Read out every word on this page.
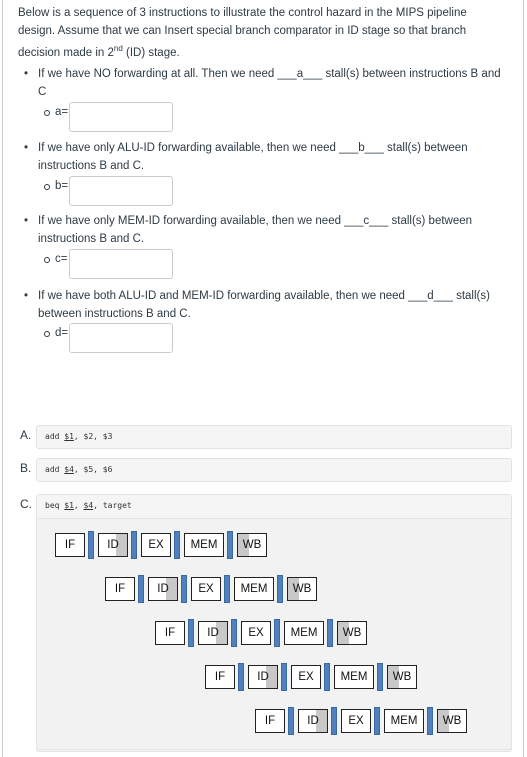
Below is a sequence of 3 instructions to illustrate the control hazard in the MIPS pipeline
design. Assume that we can Insert special branch comparator in ID stage so that branch
decision made in 2nd (ID) stage.
• If we have NO forwarding at all. Then we need ___a___ stall(s) between instructions B and
C
a=
• If we have only ALU-ID forwarding available, then we need ___b___ stall(s) between
instructions B and C.
b=
• If we have only MEM-ID forwarding available, then we need ___c___ stall(s) between
instructions B and C.
c=
• If we have both ALU-ID and MEM-ID forwarding available, then we need ___d___ stall(s)
between instructions B and C.
d=
A. add $1, $2, $3
B. add $4, $5, $6
C. beq $1, $4, target
IF	ID	EX MEM WB
IF	ID	EX MEM WB
IF	ID	EX MEM WB
IF	ID	EX MEM WB
IF	ID	EX MEM WB
